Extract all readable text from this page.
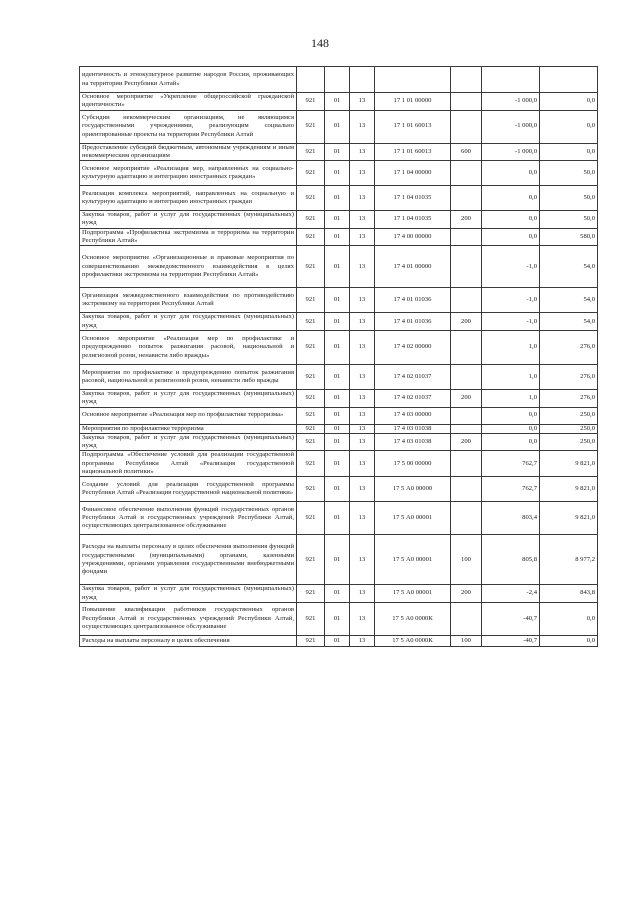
148
идентичность и этнокультурное развитие народов России, проживающих на территории Республики Алтай»							
Основное мероприятие «Укрепление общероссийской гражданской идентичности»	921	01	13	17 1 01 00000		-1 000,0	0,0
Субсидии некоммерческим организациям, не являющимся государственными учреждениями, реализующим социально ориентированные проекты на территории Республики Алтай	921	01	13	17 1 01 60013		-1 000,0	0,0
Предоставление субсидий бюджетным, автономным учреждениям и иным некоммерческим организациям	921	01	13	17 1 01 60013	600	-1 000,0	0,0
Основное мероприятие «Реализация мер, направленных на социально-культурную адаптацию и интеграцию иностранных граждан»	921	01	13	17 1 04 00000		0,0	50,0
Реализация комплекса мероприятий, направленных на социальную и культурную адаптацию и интеграцию иностранных граждан	921	01	13	17 1 04 01035		0,0	50,0
Закупка товаров, работ и услуг для государственных (муниципальных) нужд	921	01	13	17 1 04 01035	200	0,0	50,0
Подпрограмма «Профилактика экстремизма и терроризма на территории Республики Алтай»	921	01	13	17 4 00 00000		0,0	580,0
Основное мероприятие «Организационные и правовые мероприятия по совершенствованию межведомственного взаимодействия в целях профилактики экстремизма на территории Республики Алтай»	921	01	13	17 4 01 00000		-1,0	54,0
Организация межведомственного взаимодействия по противодействию экстремизму на территории Республики Алтай	921	01	13	17 4 01 01036		-1,0	54,0
Закупка товаров, работ и услуг для государственных (муниципальных) нужд	921	01	13	17 4 01 01036	200	-1,0	54,0
Основное мероприятие «Реализация мер по профилактике и предупреждению попыток разжигания расовой, национальной и религиозной розни, ненависти либо вражды»	921	01	13	17 4 02 00000		1,0	276,0
Мероприятия по профилактике и предупреждению попыток разжигания расовой, национальной и религиозной розни, ненависти либо вражды	921	01	13	17 4 02 01037		1,0	276,0
Закупка товаров, работ и услуг для государственных (муниципальных) нужд	921	01	13	17 4 02 01037	200	1,0	276,0
Основное мероприятие «Реализация мер по профилактике терроризма»	921	01	13	17 4 03 00000		0,0	250,0
Мероприятия по профилактике терроризма	921	01	13	17 4 03 01038		0,0	250,0
Закупка товаров, работ и услуг для государственных (муниципальных) нужд	921	01	13	17 4 03 01038	200	0,0	250,0
Подпрограмма «Обеспечение условий для реализации государственной программы Республики Алтай «Реализация государственной национальной политики»	921	01	13	17 5 00 00000		762,7	9 821,0
Создание условий для реализации государственной программы Республики Алтай «Реализация государственной национальной политики»	921	01	13	17 5 А0 00000		762,7	9 821,0
Финансовое обеспечение выполнения функций государственных органов Республики Алтай и государственных учреждений Республики Алтай, осуществляющих централизованное обслуживание	921	01	13	17 5 А0 00001		803,4	9 821,0
Расходы на выплаты персоналу в целях обеспечения выполнения функций государственными (муниципальными) органами, казенными учреждениями, органами управления государственными внебюджетными фондами	921	01	13	17 5 А0 00001	100	805,8	8 977,2
Закупка товаров, работ и услуг для государственных (муниципальных) нужд	921	01	13	17 5 А0 00001	200	-2,4	843,8
Повышение квалификации работников государственных органов Республики Алтай и государственных учреждений Республики Алтай, осуществляющих централизованное обслуживание	921	01	13	17 5 А0 0000К		-40,7	0,0
Расходы на выплаты персоналу в целях обеспечения	921	01	13	17 5 А0 0000К	100	-40,7	0,0
